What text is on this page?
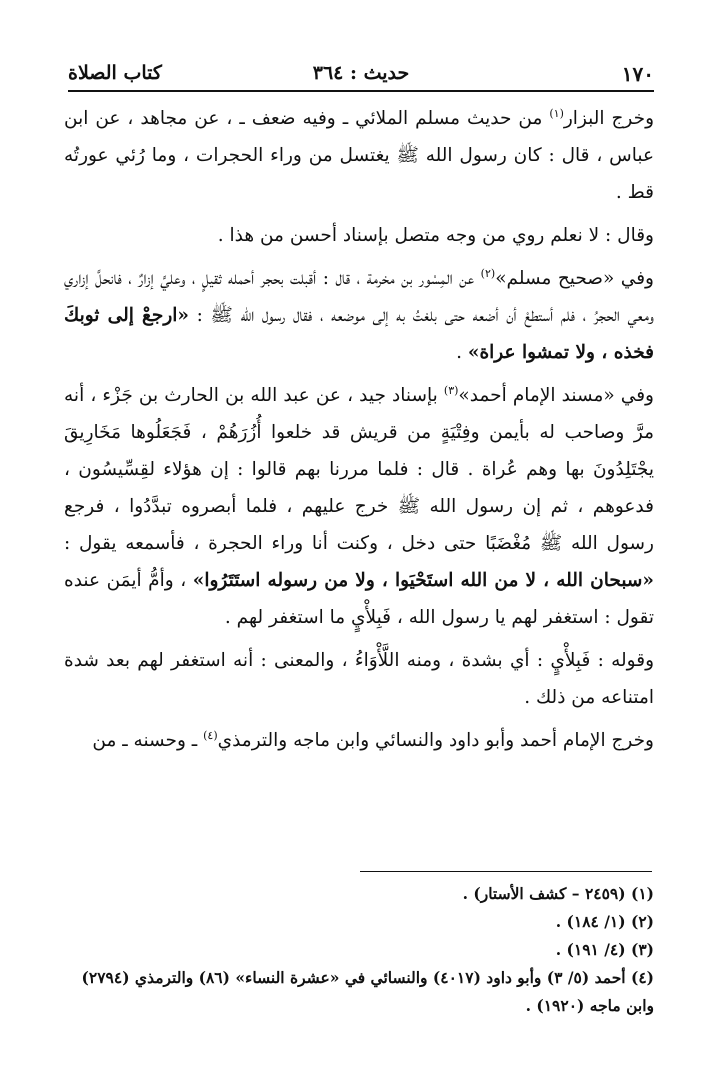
١٧٠
حديث : ٣٦٤
كتاب الصلاة

وخرج البزار$^{(١)}$ من حديث مسلم الملائي ـ وفيه ضعف ـ ، عن مجاهد ، عن ابن عباس ، قال : كان رسول الله ﷺ يغتسل من وراء الحجرات ، وما رُئي عورتُه قط .

وقال : لا نعلم روي من وجه متصل بإسناد أحسن من هذا .

وفي «صحيح مسلم»$^{(٢)}$ عن المِسْور بن مخرمة ، قال : أقبلت بحجر أحمله ثقيلٍ ، وعليَّ إزارٌ ، فانحلَّ إزاري ومعي الحجرُ ، فلم أستطعْ أن أضعه حتى بلغتُ به إلى موضعه ، فقال رسول الله ﷺ : «ارجعْ إلى ثوبكَ فخذه ، ولا تمشوا عراة» .

وفي «مسند الإمام أحمد»$^{(٣)}$ بإسناد جيد ، عن عبد الله بن الحارث بن جَزْء ، أنه مرَّ وصاحب له بأيمن وفِتْيَةٍ من قريش قد خلعوا أُزُرَهُمْ ، فَجَعَلُوها مَخَارِيقَ يجْتَلِدُونَ بها وهم عُراة . قال : فلما مررنا بهم قالوا : إن هؤلاء لقِسِّيسُون ، فدعوهم ، ثم إن رسول الله ﷺ خرج عليهم ، فلما أبصروه تبدَّدُوا ، فرجع رسول الله ﷺ مُغْضَبًا حتى دخل ، وكنت أنا وراء الحجرة ، فأسمعه يقول : «سبحان الله ، لا من الله استَحْيَوا ، ولا من رسوله استَتَرُوا» ، وأمُّ أيمَن عنده تقول : استغفر لهم يا رسول الله ، فَبِلأْيٍ ما استغفر لهم .

وقوله : فَبِلأْيٍ : أي بشدة ، ومنه اللَّأْوَاءُ ، والمعنى : أنه استغفر لهم بعد شدة امتناعه من ذلك .

وخرج الإمام أحمد وأبو داود والنسائي وابن ماجه والترمذي$^{(٤)}$ ـ وحسنه ـ من

(١) (٢٤٥٩ – كشف الأستار) .
(٢) (١/ ١٨٤) .
(٣) (٤/ ١٩١) .
(٤) أحمد (٥/ ٣) وأبو داود (٤٠١٧) والنسائي في «عشرة النساء» (٨٦) والترمذي (٢٧٩٤) وابن ماجه (١٩٢٠) .
